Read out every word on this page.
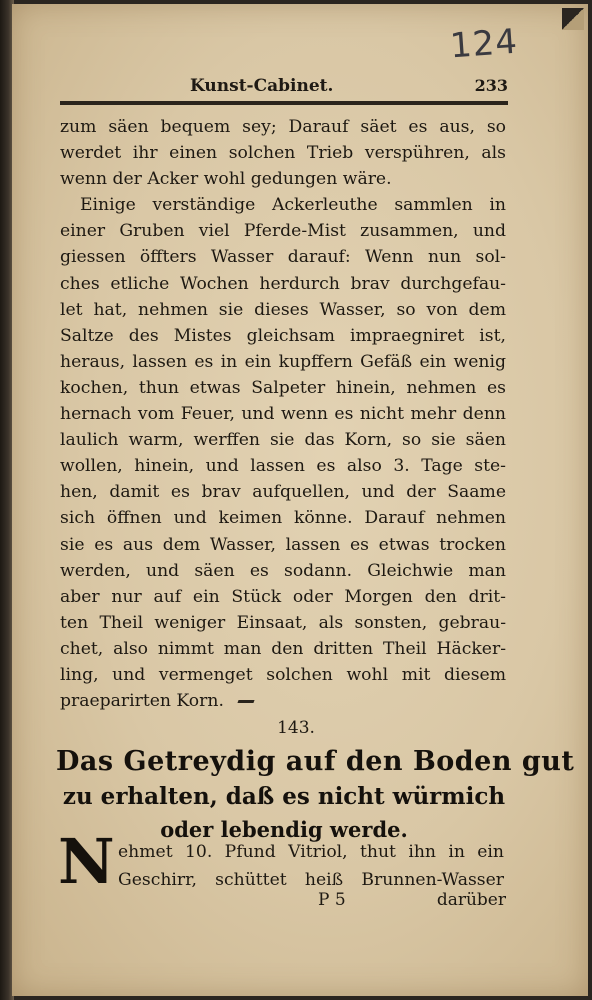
124
Kunst-Cabinet.	233
zum säen bequem sey; Darauf säet es aus, so
werdet ihr einen solchen Trieb verspühren, als
wenn der Acker wohl gedungen wäre.
Einige verständige Ackerleuthe sammlen in
einer Gruben viel Pferde-Mist zusammen, und
giessen öffters Wasser darauf: Wenn nun sol-
ches etliche Wochen herdurch brav durchgefau-
let hat, nehmen sie dieses Wasser, so von dem
Saltze des Mistes gleichsam impraegniret ist,
heraus, lassen es in ein kupffern Gefäß ein wenig
kochen, thun etwas Salpeter hinein, nehmen es
hernach vom Feuer, und wenn es nicht mehr denn
laulich warm, werffen sie das Korn, so sie säen
wollen, hinein, und lassen es also 3. Tage ste-
hen, damit es brav aufquellen, und der Saame
sich öffnen und keimen könne. Darauf nehmen
sie es aus dem Wasser, lassen es etwas trocken
werden, und säen es sodann. Gleichwie man
aber nur auf ein Stück oder Morgen den drit-
ten Theil weniger Einsaat, als sonsten, gebrau-
chet, also nimmt man den dritten Theil Häcker-
ling, und vermenget solchen wohl mit diesem
praeparirten Korn.
143.
Das Getreydig auf den Boden gut
zu erhalten, daß es nicht würmich
oder lebendig werde.
N ehmet 10. Pfund Vitriol, thut ihn in ein
Geschirr, schüttet heiß Brunnen-Wasser
P 5	darüber
